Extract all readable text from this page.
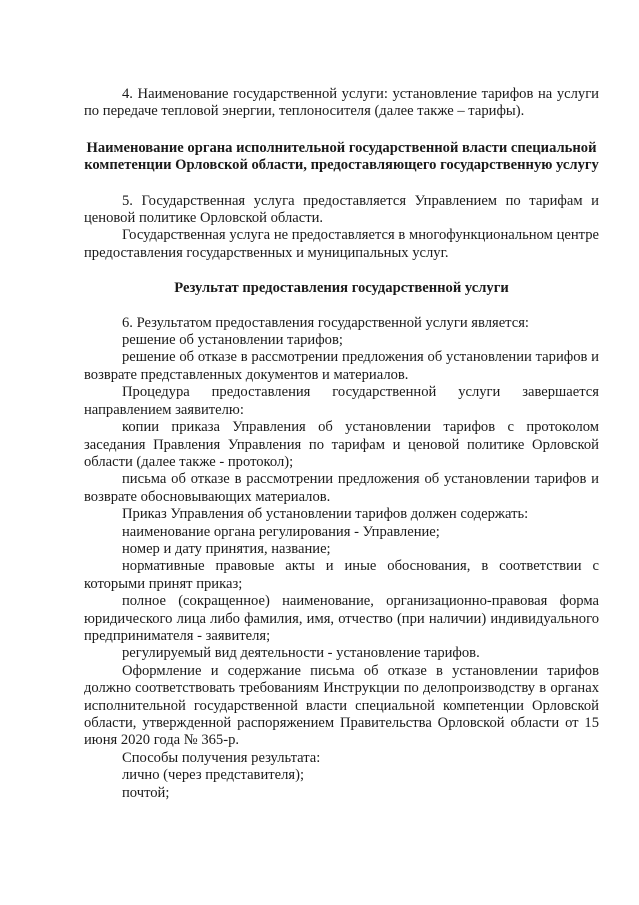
4. Наименование государственной услуги: установление тарифов на услуги по передаче тепловой энергии, теплоносителя (далее также – тарифы).

Наименование органа исполнительной государственной власти специальной компетенции Орловской области, предоставляющего государственную услугу

5. Государственная услуга предоставляется Управлением по тарифам и ценовой политике Орловской области.

Государственная услуга не предоставляется в многофункциональном центре предоставления государственных и муниципальных услуг.

Результат предоставления государственной услуги

6. Результатом предоставления государственной услуги является:

решение об установлении тарифов;

решение об отказе в рассмотрении предложения об установлении тарифов и возврате представленных документов и материалов.

Процедура предоставления государственной услуги завершается направлением заявителю:

копии приказа Управления об установлении тарифов с протоколом заседания Правления Управления по тарифам и ценовой политике Орловской области (далее также - протокол);

письма об отказе в рассмотрении предложения об установлении тарифов и возврате обосновывающих материалов.

Приказ Управления об установлении тарифов должен содержать:

наименование органа регулирования - Управление;

номер и дату принятия, название;

нормативные правовые акты и иные обоснования, в соответствии с которыми принят приказ;

полное (сокращенное) наименование, организационно-правовая форма юридического лица либо фамилия, имя, отчество (при наличии) индивидуального предпринимателя - заявителя;

регулируемый вид деятельности - установление тарифов.

Оформление и содержание письма об отказе в установлении тарифов должно соответствовать требованиям Инструкции по делопроизводству в органах исполнительной государственной власти специальной компетенции Орловской области, утвержденной распоряжением Правительства Орловской области от 15 июня 2020 года № 365-р.

Способы получения результата:

лично (через представителя);

почтой;
